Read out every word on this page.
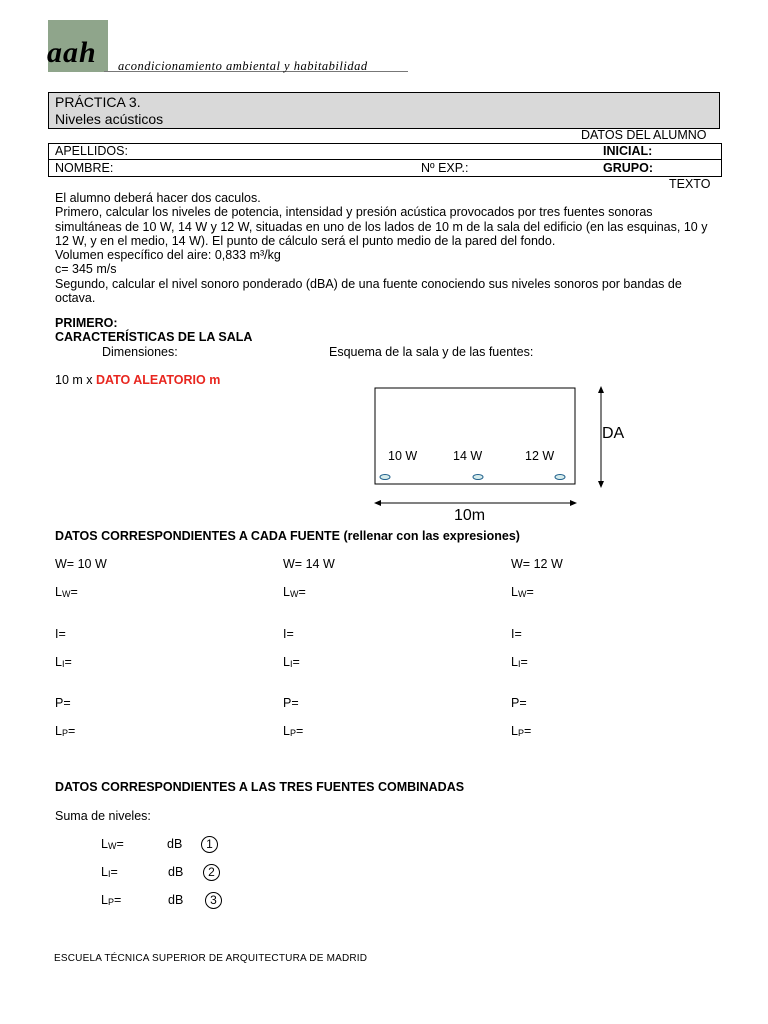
aah acondicionamiento ambiental y habitabilidad
PRÁCTICA 3.
Niveles acústicos
DATOS DEL ALUMNO
APELLIDOS:	INICIAL:
NOMBRE:	Nº EXP.:	GRUPO:
TEXTO
El alumno deberá hacer dos caculos.
Primero, calcular los niveles de potencia, intensidad y presión acústica provocados por tres fuentes sonoras
simultáneas de 10 W, 14 W y 12 W, situadas en uno de los lados de 10 m de la sala del edificio (en las esquinas, 10 y
12 W, y en el medio, 14 W). El punto de cálculo será el punto medio de la pared del fondo.
Volumen específico del aire: 0,833 m³/kg
c= 345 m/s
Segundo, calcular el nivel sonoro ponderado (dBA) de una fuente conociendo sus niveles sonoros por bandas de
octava.
PRIMERO:
CARACTERÍSTICAS DE LA SALA
Dimensiones:	Esquema de la sala y de las fuentes:
10 m x DATO ALEATORIO m
10 W	14 W	12 W
DA
10m
DATOS CORRESPONDIENTES A CADA FUENTE (rellenar con las expresiones)
W= 10 W	W= 14 W	W= 12 W
$L_W=$	$L_W=$	$L_W=$
I=	I=	I=
$L_I=$	$L_I=$	$L_I=$
P=	P=	P=
$L_P=$	$L_P=$	$L_P=$
DATOS CORRESPONDIENTES A LAS TRES FUENTES COMBINADAS
Suma de niveles:
$L_W=$	dB	1
$L_I=$	dB	2
$L_P=$	dB	3
ESCUELA TÉCNICA SUPERIOR DE ARQUITECTURA DE MADRID
